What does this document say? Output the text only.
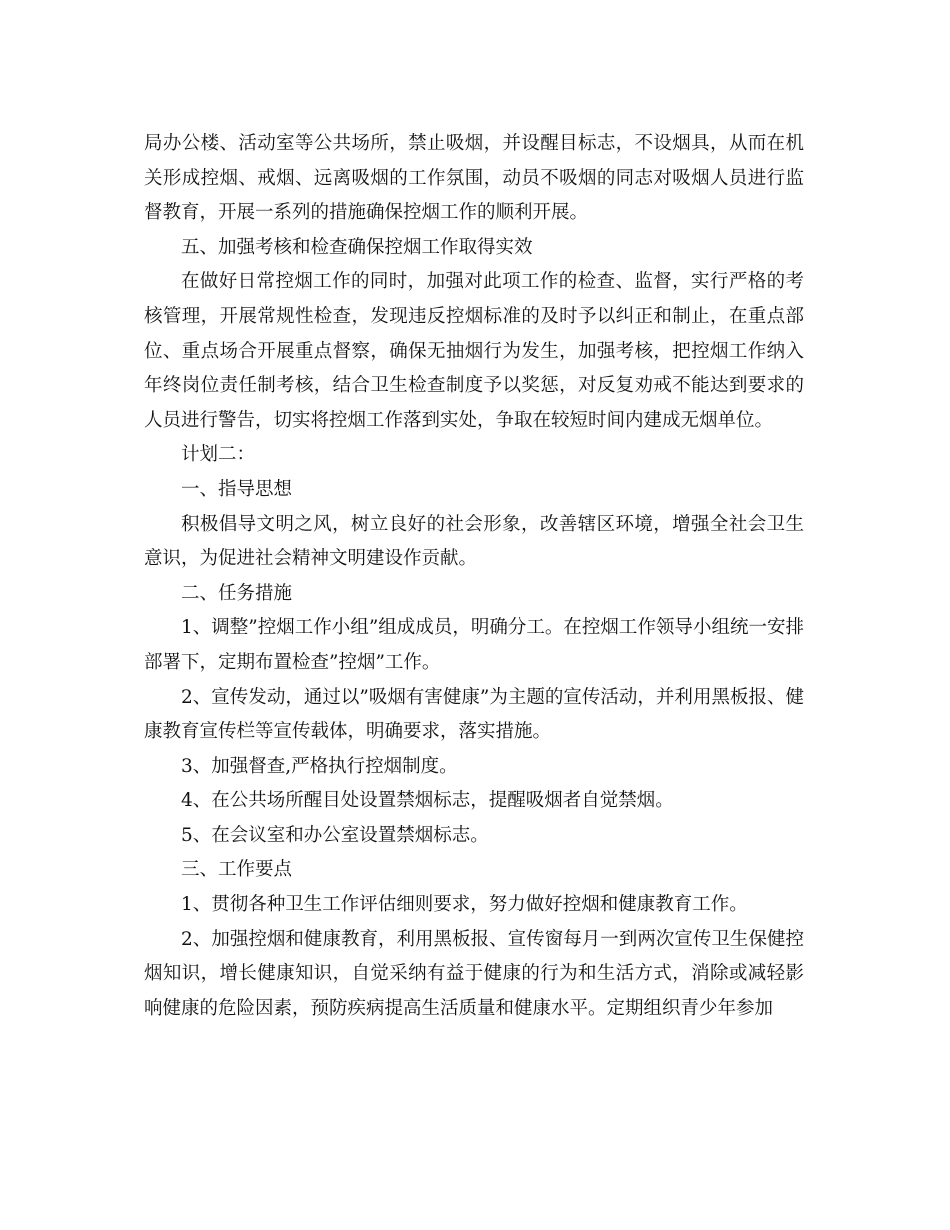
局办公楼、活动室等公共场所，禁止吸烟，并设醒目标志，不设烟具，从而在机关形成控烟、戒烟、远离吸烟的工作氛围，动员不吸烟的同志对吸烟人员进行监督教育，开展一系列的措施确保控烟工作的顺利开展。

五、加强考核和检查确保控烟工作取得实效

在做好日常控烟工作的同时，加强对此项工作的检查、监督，实行严格的考核管理，开展常规性检查，发现违反控烟标准的及时予以纠正和制止，在重点部位、重点场合开展重点督察，确保无抽烟行为发生，加强考核，把控烟工作纳入年终岗位责任制考核，结合卫生检查制度予以奖惩，对反复劝戒不能达到要求的人员进行警告，切实将控烟工作落到实处，争取在较短时间内建成无烟单位。

计划二：

一、指导思想

积极倡导文明之风，树立良好的社会形象，改善辖区环境，增强全社会卫生意识，为促进社会精神文明建设作贡献。

二、任务措施

1、调整”控烟工作小组”组成成员，明确分工。在控烟工作领导小组统一安排部署下，定期布置检查”控烟”工作。

2、宣传发动，通过以”吸烟有害健康”为主题的宣传活动，并利用黑板报、健康教育宣传栏等宣传载体，明确要求，落实措施。

3、加强督查,严格执行控烟制度。

4、在公共场所醒目处设置禁烟标志，提醒吸烟者自觉禁烟。

5、在会议室和办公室设置禁烟标志。

三、工作要点

1、贯彻各种卫生工作评估细则要求，努力做好控烟和健康教育工作。

2、加强控烟和健康教育，利用黑板报、宣传窗每月一到两次宣传卫生保健控烟知识，增长健康知识，自觉采纳有益于健康的行为和生活方式，消除或减轻影响健康的危险因素，预防疾病提高生活质量和健康水平。定期组织青少年参加
